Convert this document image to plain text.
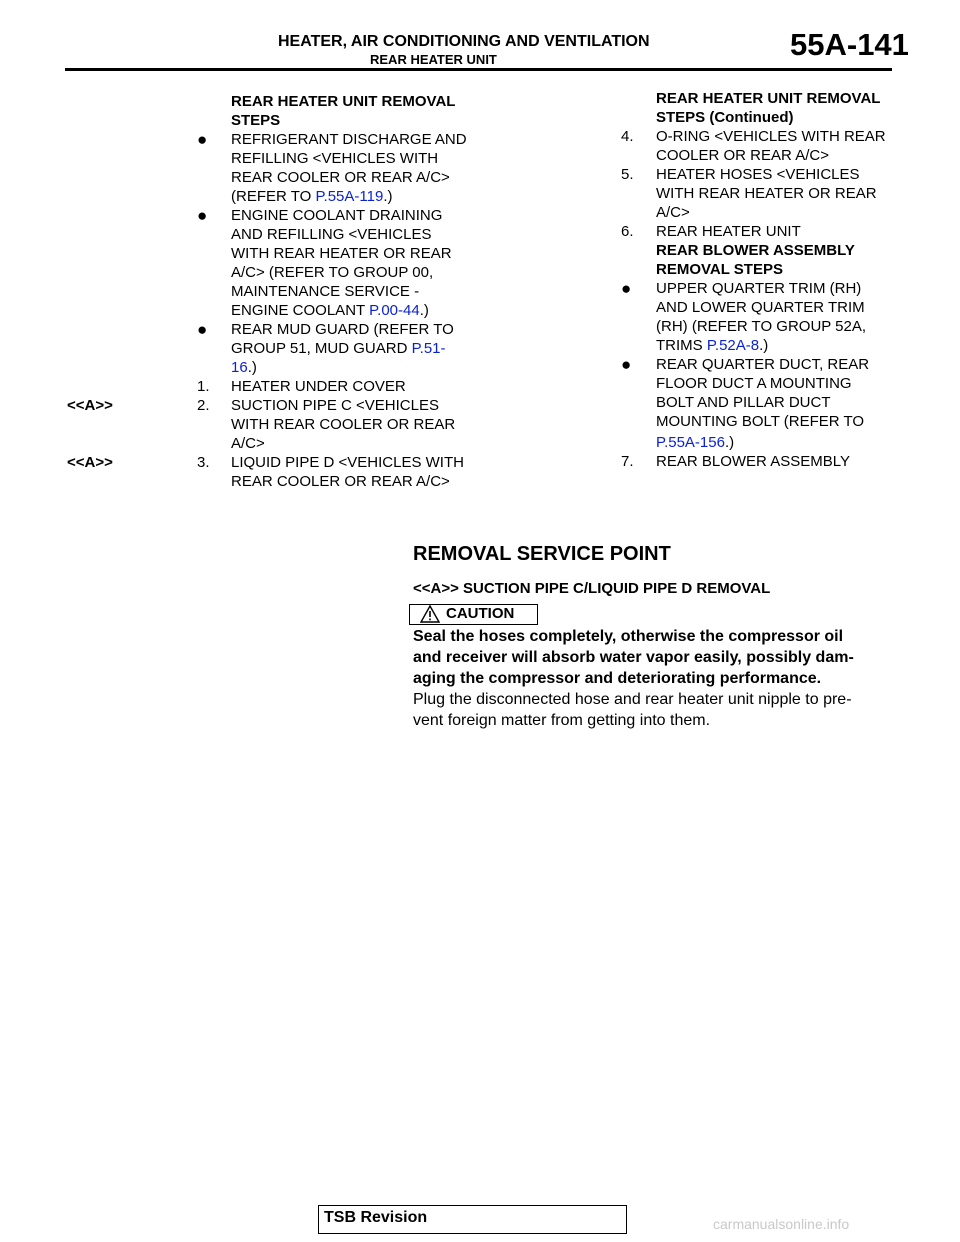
HEATER, AIR CONDITIONING AND VENTILATION
REAR HEATER UNIT	55A-141
REAR HEATER UNIT REMOVAL
STEPS
● REFRIGERANT DISCHARGE AND
REFILLING <VEHICLES WITH
REAR COOLER OR REAR A/C>
(REFER TO P.55A-119.)
● ENGINE COOLANT DRAINING
AND REFILLING <VEHICLES
WITH REAR HEATER OR REAR
A/C> (REFER TO GROUP 00,
MAINTENANCE SERVICE -
ENGINE COOLANT P.00-44.)
● REAR MUD GUARD (REFER TO
GROUP 51, MUD GUARD P.51-
16.)
1. HEATER UNDER COVER
<<A>>	2. SUCTION PIPE C <VEHICLES
WITH REAR COOLER OR REAR
A/C>
<<A>>	3. LIQUID PIPE D <VEHICLES WITH
REAR COOLER OR REAR A/C>
REAR HEATER UNIT REMOVAL
STEPS (Continued)
4. O-RING <VEHICLES WITH REAR
COOLER OR REAR A/C>
5. HEATER HOSES <VEHICLES
WITH REAR HEATER OR REAR
A/C>
6. REAR HEATER UNIT
REAR BLOWER ASSEMBLY
REMOVAL STEPS
● UPPER QUARTER TRIM (RH)
AND LOWER QUARTER TRIM
(RH) (REFER TO GROUP 52A,
TRIMS P.52A-8.)
● REAR QUARTER DUCT, REAR
FLOOR DUCT A MOUNTING
BOLT AND PILLAR DUCT
MOUNTING BOLT (REFER TO
P.55A-156.)
7. REAR BLOWER ASSEMBLY
REMOVAL SERVICE POINT
<<A>> SUCTION PIPE C/LIQUID PIPE D REMOVAL
CAUTION
Seal the hoses completely, otherwise the compressor oil
and receiver will absorb water vapor easily, possibly dam-
aging the compressor and deteriorating performance.
Plug the disconnected hose and rear heater unit nipple to pre-
vent foreign matter from getting into them.
TSB Revision	carmanualsonline.info
